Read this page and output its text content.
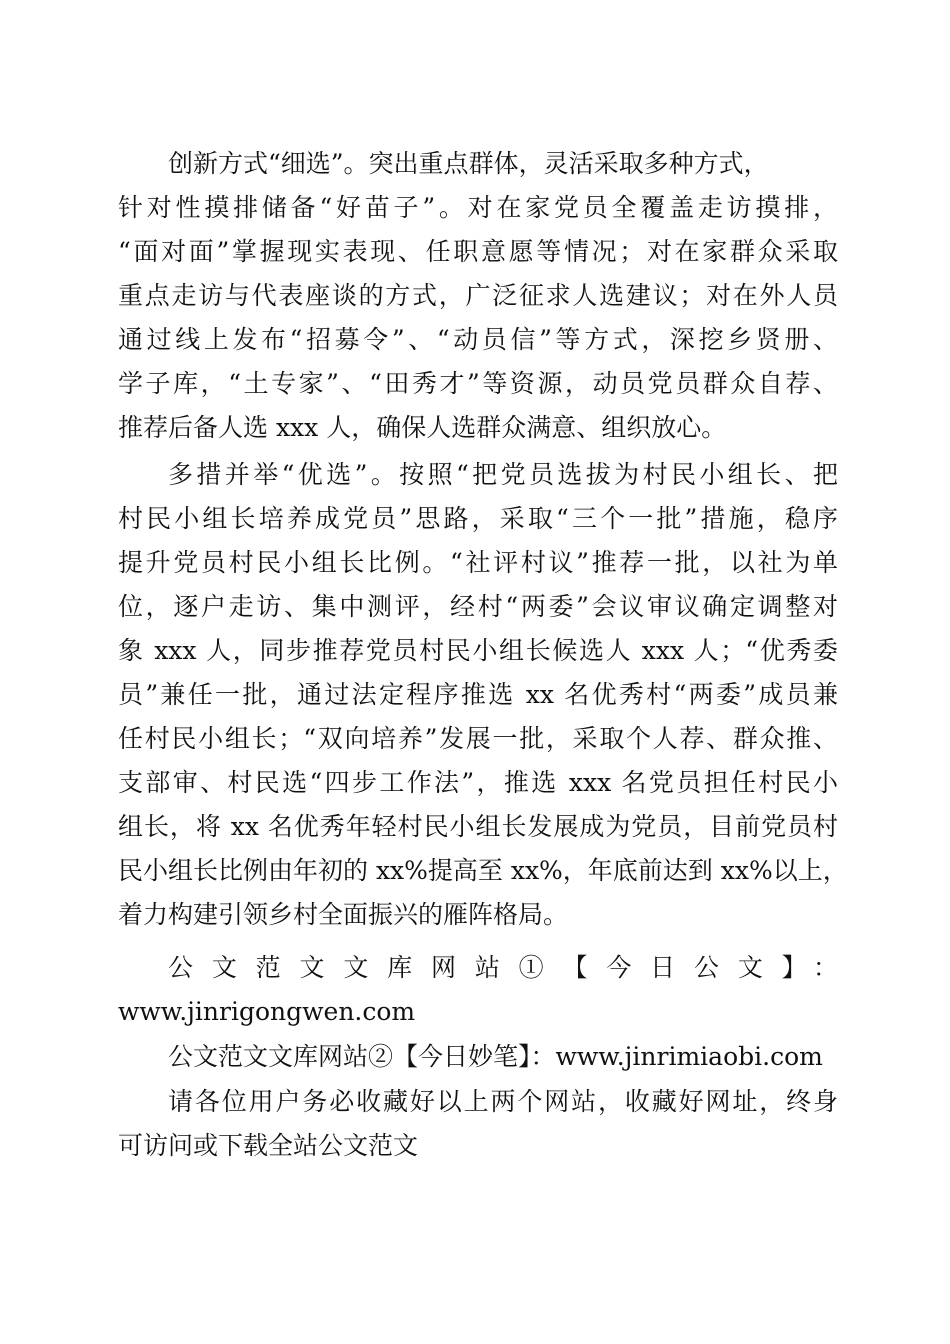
创新方式“细选”。突出重点群体，灵活采取多种方式，
针对性摸排储备“好苗子”。对在家党员全覆盖走访摸排，
“面对面”掌握现实表现、任职意愿等情况；对在家群众采取
重点走访与代表座谈的方式，广泛征求人选建议；对在外人员
通过线上发布“招募令”、“动员信”等方式，深挖乡贤册、
学子库，“土专家”、“田秀才”等资源，动员党员群众自荐、
推荐后备人选 xxx 人，确保人选群众满意、组织放心。
多措并举“优选”。按照“把党员选拔为村民小组长、把
村民小组长培养成党员”思路，采取“三个一批”措施，稳序
提升党员村民小组长比例。“社评村议”推荐一批，以社为单
位，逐户走访、集中测评，经村“两委”会议审议确定调整对
象 xxx 人，同步推荐党员村民小组长候选人 xxx 人；“优秀委
员”兼任一批，通过法定程序推选 xx 名优秀村“两委”成员兼
任村民小组长；“双向培养”发展一批，采取个人荐、群众推、
支部审、村民选“四步工作法”，推选 xxx 名党员担任村民小
组长，将 xx 名优秀年轻村民小组长发展成为党员，目前党员村
民小组长比例由年初的 xx%提高至 xx%，年底前达到 xx%以上，
着力构建引领乡村全面振兴的雁阵格局。
公文范文文库网站①【今日公文】：
www.jinrigongwen.com
公文范文文库网站②【今日妙笔】：www.jinrimiaobi.com
请各位用户务必收藏好以上两个网站，收藏好网址，终身
可访问或下载全站公文范文
